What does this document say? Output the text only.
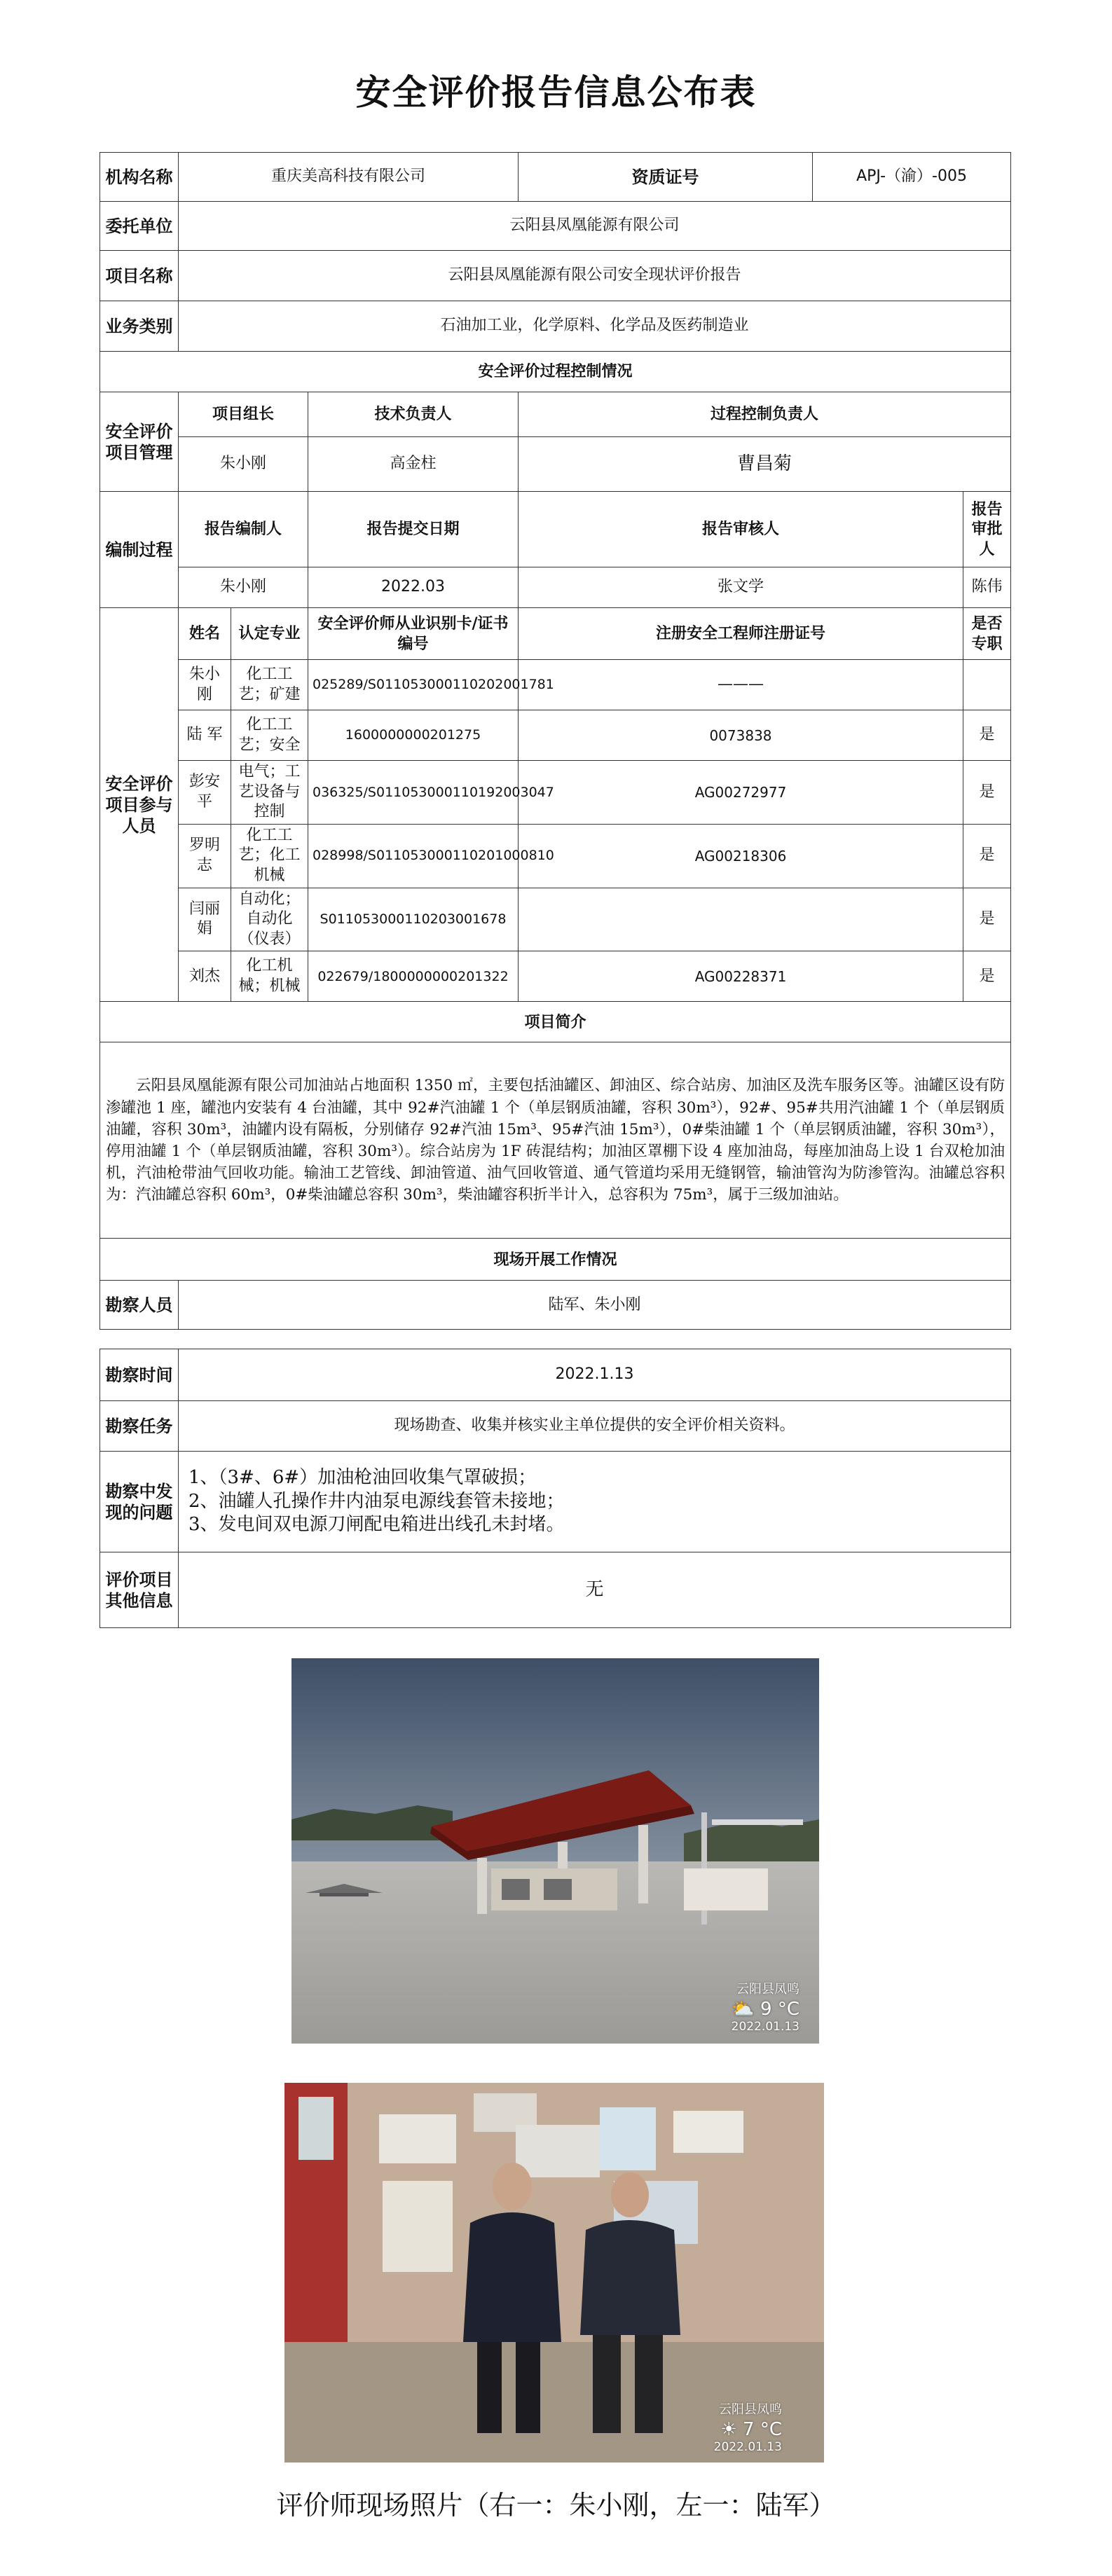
安全评价报告信息公布表
机构名称	重庆美高科技有限公司			资质证号	APJ-（渝）-005	
委托单位	云阳县凤凰能源有限公司					
项目名称	云阳县凤凰能源有限公司安全现状评价报告					
业务类别	石油加工业，化学原料、化学品及医药制造业					
安全评价过程控制情况						
安全评价项目管理	项目组长		技术负责人	过程控制负责人		
	朱小刚		高金柱	曹昌菊		
编制过程	报告编制人		报告提交日期	报告审核人		报告审批人
	朱小刚		2022.03	张文学		陈伟
安全评价项目参与人员	姓名	认定专业	安全评价师从业识别卡/证书编号	注册安全工程师注册证号		是否专职
	朱小刚	化工工艺；矿建	025289/S011053000110202001781	———		
	陆 军	化工工艺；安全	1600000000201275	0073838		是
	彭安平	电气；工艺设备与控制	036325/S011053000110192003047	AG00272977		是
	罗明志	化工工艺；化工机械	028998/S011053000110201000810	AG00218306		是
	闫丽娟	自动化；自动化（仪表）	S011053000110203001678			是
	刘杰	化工机械；机械	022679/1800000000201322	AG00228371		是
项目简介						

云阳县凤凰能源有限公司加油站占地面积 1350 ㎡，主要包括油罐区、卸油区、综合站房、加油区及洗车服务区等。油罐区设有防渗罐池 1 座，罐池内安装有 4 台油罐，其中 92#汽油罐 1 个（单层钢质油罐，容积 30m³），92#、95#共用汽油罐 1 个（单层钢质油罐，容积 30m³，油罐内设有隔板，分别储存 92#汽油 15m³、95#汽油 15m³），0#柴油罐 1 个（单层钢质油罐，容积 30m³），停用油罐 1 个（单层钢质油罐，容积 30m³）。综合站房为 1F 砖混结构；加油区罩棚下设 4 座加油岛，每座加油岛上设 1 台双枪加油机，汽油枪带油气回收功能。输油工艺管线、卸油管道、油气回收管道、通气管道均采用无缝钢管，输油管沟为防渗管沟。油罐总容积为：汽油罐总容积 60m³，0#柴油罐总容积 30m³，柴油罐容积折半计入，总容积为 75m³，属于三级加油站。						

现场开展工作情况						
勘察人员	陆军、朱小刚					
勘察时间	2022.1.13
勘察任务	现场勘查、收集并核实业主单位提供的安全评价相关资料。
勘察中发现的问题	1、（3#、6#）加油枪油回收集气罩破损；
2、油罐人孔操作井内油泵电源线套管未接地；
3、发电间双电源刀闸配电箱进出线孔未封堵。

评价项目其他信息	无
云阳县凤鸣
⛅ 9 °C
2022.01.13
云阳县凤鸣
☀ 7 °C
2022.01.13
评价师现场照片（右一：朱小刚，左一：陆军）
